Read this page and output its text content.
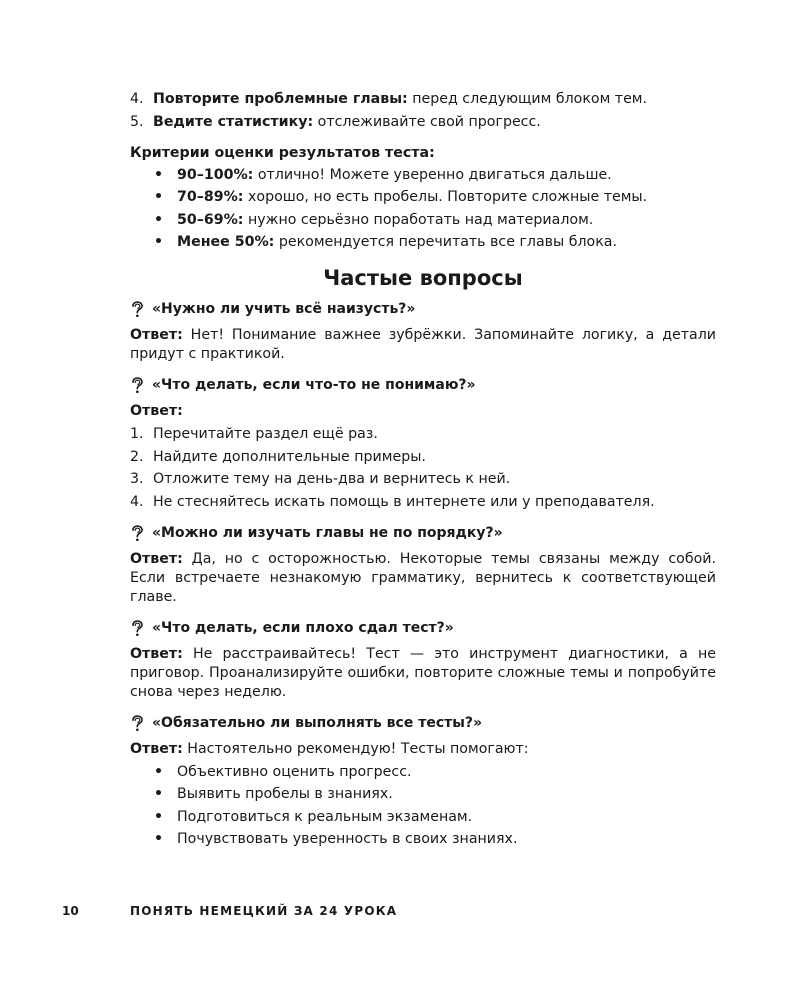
4. Повторите проблемные главы: перед следующим блоком тем.
5. Ведите статистику: отслеживайте свой прогресс.
Критерии оценки результатов теста:
• 90–100%: отлично! Можете уверенно двигаться дальше.
• 70–89%: хорошо, но есть пробелы. Повторите сложные темы.
• 50–69%: нужно серьёзно поработать над материалом.
• Менее 50%: рекомендуется перечитать все главы блока.
Частые вопросы
«Нужно ли учить всё наизусть?»

Ответ: Нет! Понимание важнее зубрёжки. Запоминайте логику, а детали придут с практикой.

«Что делать, если что-то не понимаю?»
Ответ:
1. Перечитайте раздел ещё раз.
2. Найдите дополнительные примеры.
3. Отложите тему на день-два и вернитесь к ней.
4. Не стесняйтесь искать помощь в интернете или у преподавателя.
«Можно ли изучать главы не по порядку?»

Ответ: Да, но с осторожностью. Некоторые темы связаны между собой. Если встречаете незнакомую грамматику, вернитесь к соответствующей главе.

«Что делать, если плохо сдал тест?»

Ответ: Не расстраивайтесь! Тест — это инструмент диагностики, а не приговор. Проанализируйте ошибки, повторите сложные темы и попробуйте снова через неделю.

«Обязательно ли выполнять все тесты?»

Ответ: Настоятельно рекомендую! Тесты помогают:

• Объективно оценить прогресс.
• Выявить пробелы в знаниях.
• Подготовиться к реальным экзаменам.
• Почувствовать уверенность в своих знаниях.
10	ПОНЯТЬ НЕМЕЦКИЙ ЗА 24 УРОКА
